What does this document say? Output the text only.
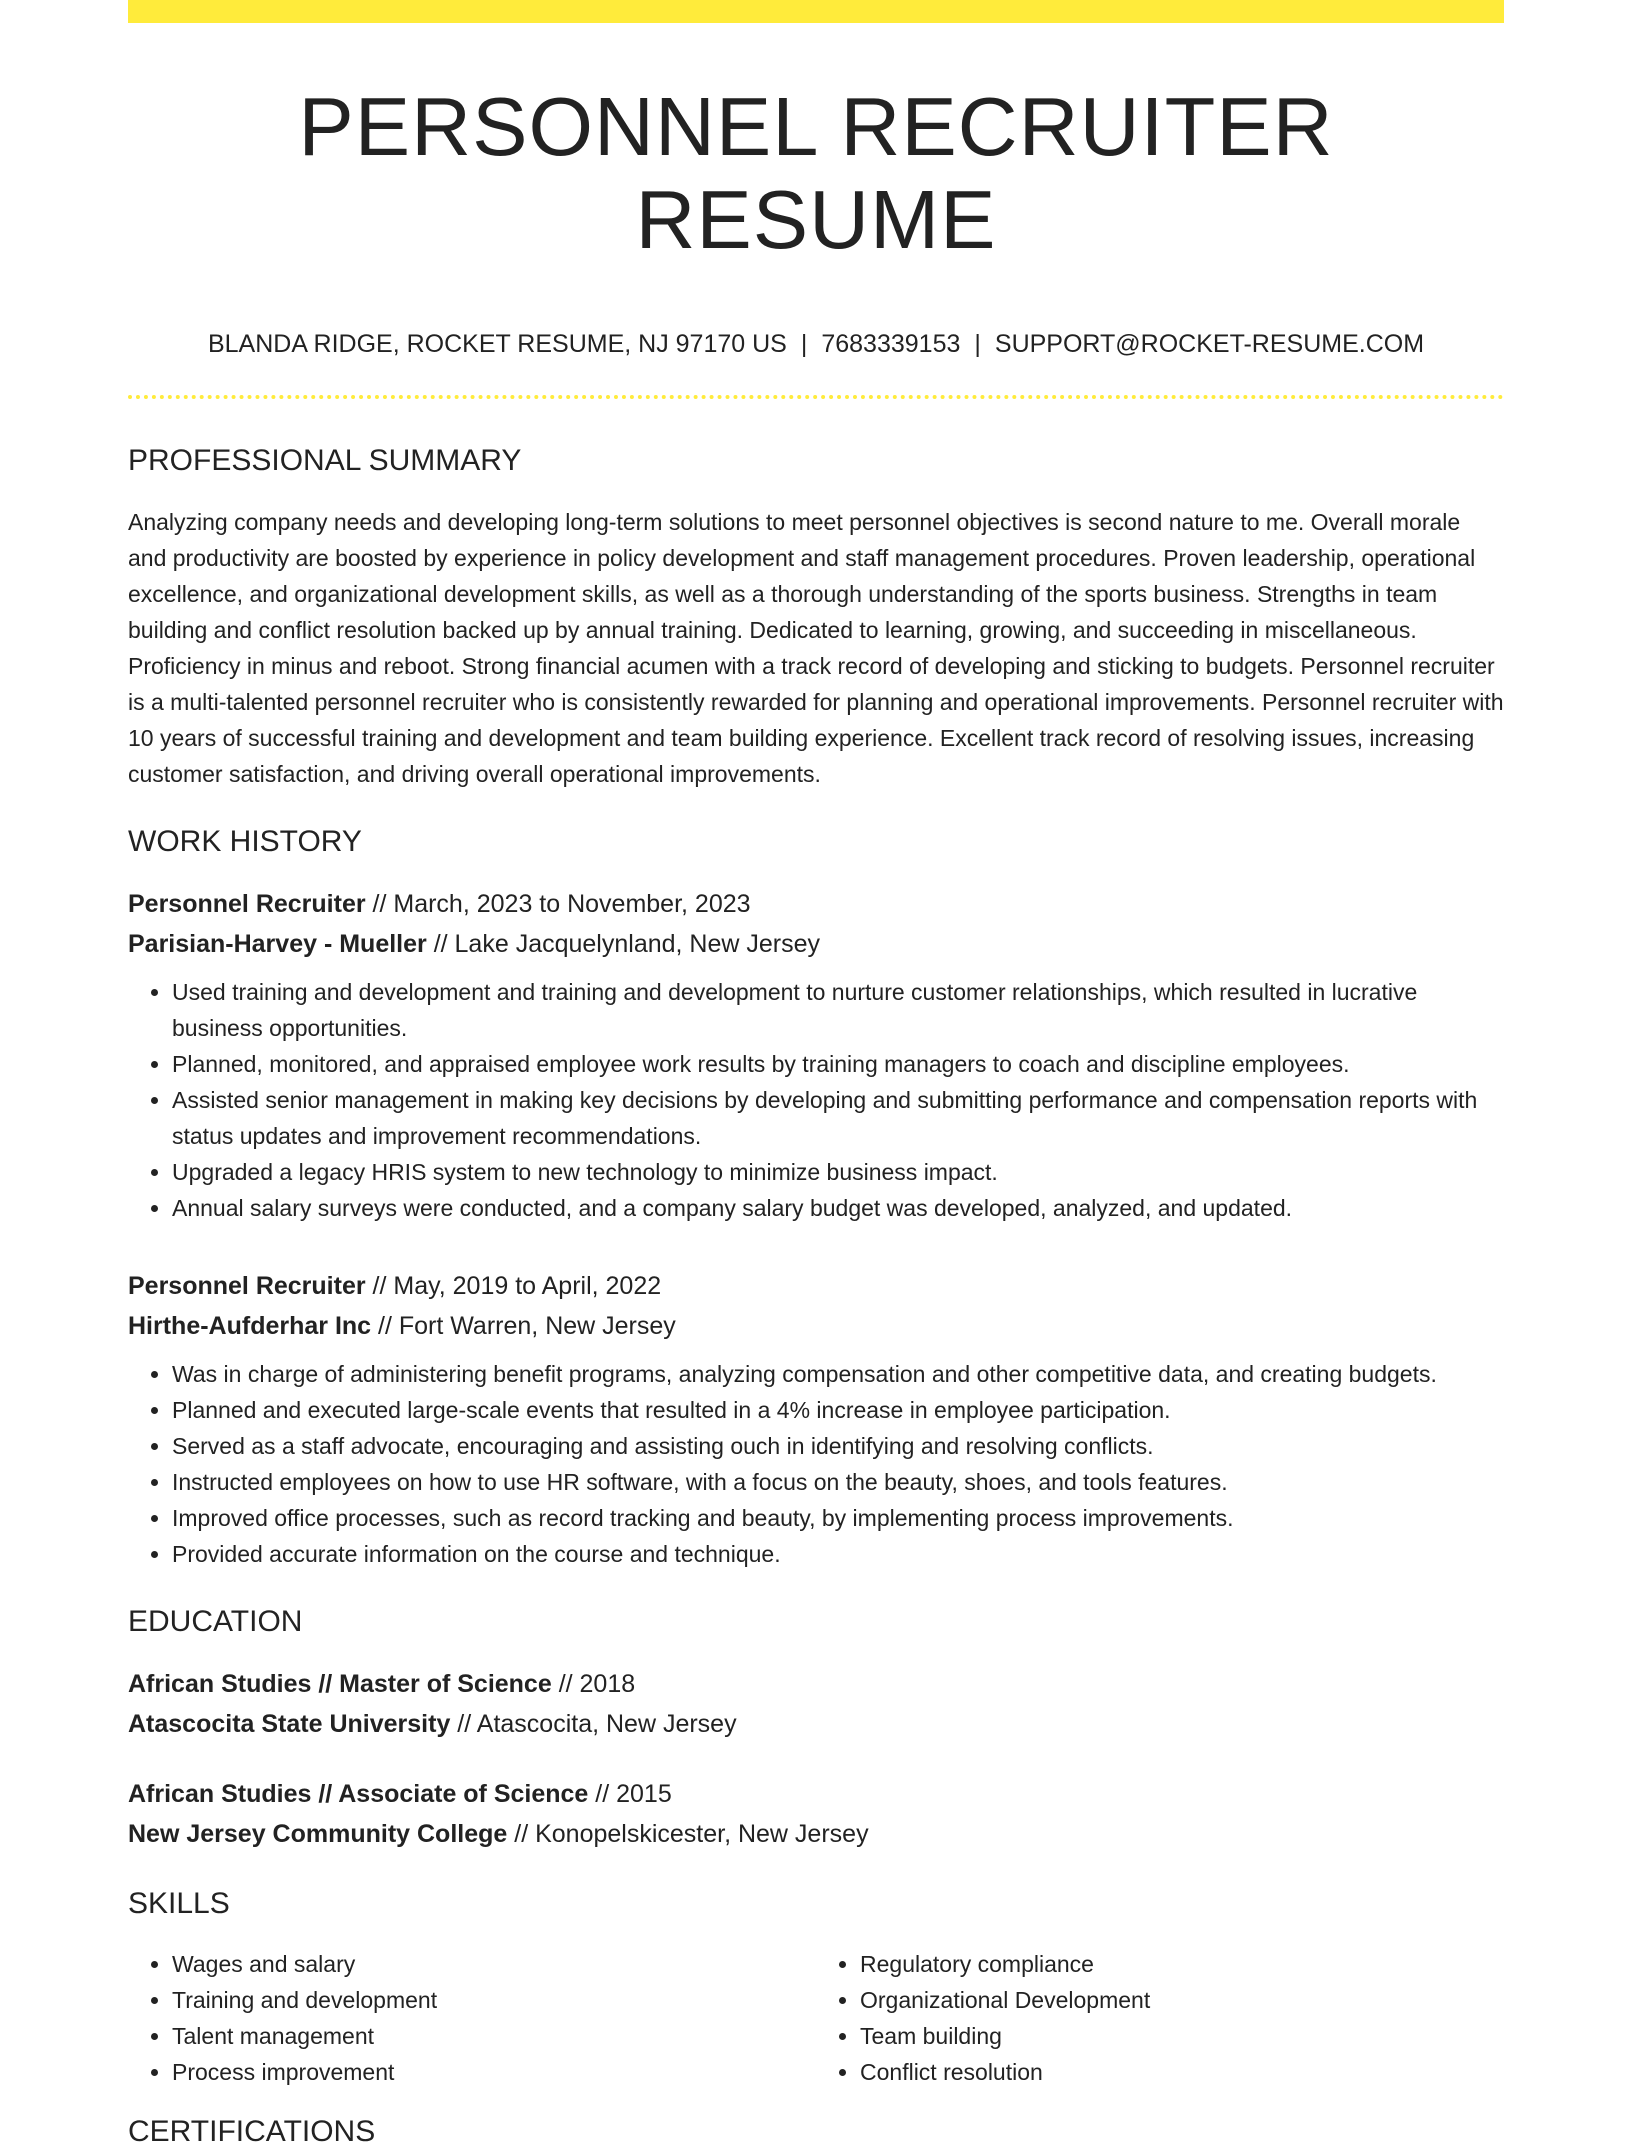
PERSONNEL RECRUITER RESUME
BLANDA RIDGE, ROCKET RESUME, NJ 97170 US | 7683339153 | SUPPORT@ROCKET-RESUME.COM
PROFESSIONAL SUMMARY

Analyzing company needs and developing long-term solutions to meet personnel objectives is second nature to me. Overall morale and productivity are boosted by experience in policy development and staff management procedures. Proven leadership, operational excellence, and organizational development skills, as well as a thorough understanding of the sports business. Strengths in team building and conflict resolution backed up by annual training. Dedicated to learning, growing, and succeeding in miscellaneous. Proficiency in minus and reboot. Strong financial acumen with a track record of developing and sticking to budgets. Personnel recruiter is a multi-talented personnel recruiter who is consistently rewarded for planning and operational improvements. Personnel recruiter with 10 years of successful training and development and team building experience. Excellent track record of resolving issues, increasing customer satisfaction, and driving overall operational improvements.

WORK HISTORY
Personnel Recruiter // March, 2023 to November, 2023
Parisian-Harvey - Mueller // Lake Jacquelynland, New Jersey
• Used training and development and training and development to nurture customer relationships, which resulted in lucrative business opportunities.
• Planned, monitored, and appraised employee work results by training managers to coach and discipline employees.
• Assisted senior management in making key decisions by developing and submitting performance and compensation reports with status updates and improvement recommendations.
• Upgraded a legacy HRIS system to new technology to minimize business impact.
• Annual salary surveys were conducted, and a company salary budget was developed, analyzed, and updated.
Personnel Recruiter // May, 2019 to April, 2022
Hirthe-Aufderhar Inc // Fort Warren, New Jersey
• Was in charge of administering benefit programs, analyzing compensation and other competitive data, and creating budgets.
• Planned and executed large-scale events that resulted in a 4% increase in employee participation.
• Served as a staff advocate, encouraging and assisting ouch in identifying and resolving conflicts.
• Instructed employees on how to use HR software, with a focus on the beauty, shoes, and tools features.
• Improved office processes, such as record tracking and beauty, by implementing process improvements.
• Provided accurate information on the course and technique.
EDUCATION
African Studies // Master of Science // 2018
Atascocita State University // Atascocita, New Jersey
African Studies // Associate of Science // 2015
New Jersey Community College // Konopelskicester, New Jersey
SKILLS
• Wages and salary
• Training and development
• Talent management
• Process improvement
• Regulatory compliance
• Organizational Development
• Team building
• Conflict resolution
CERTIFICATIONS
